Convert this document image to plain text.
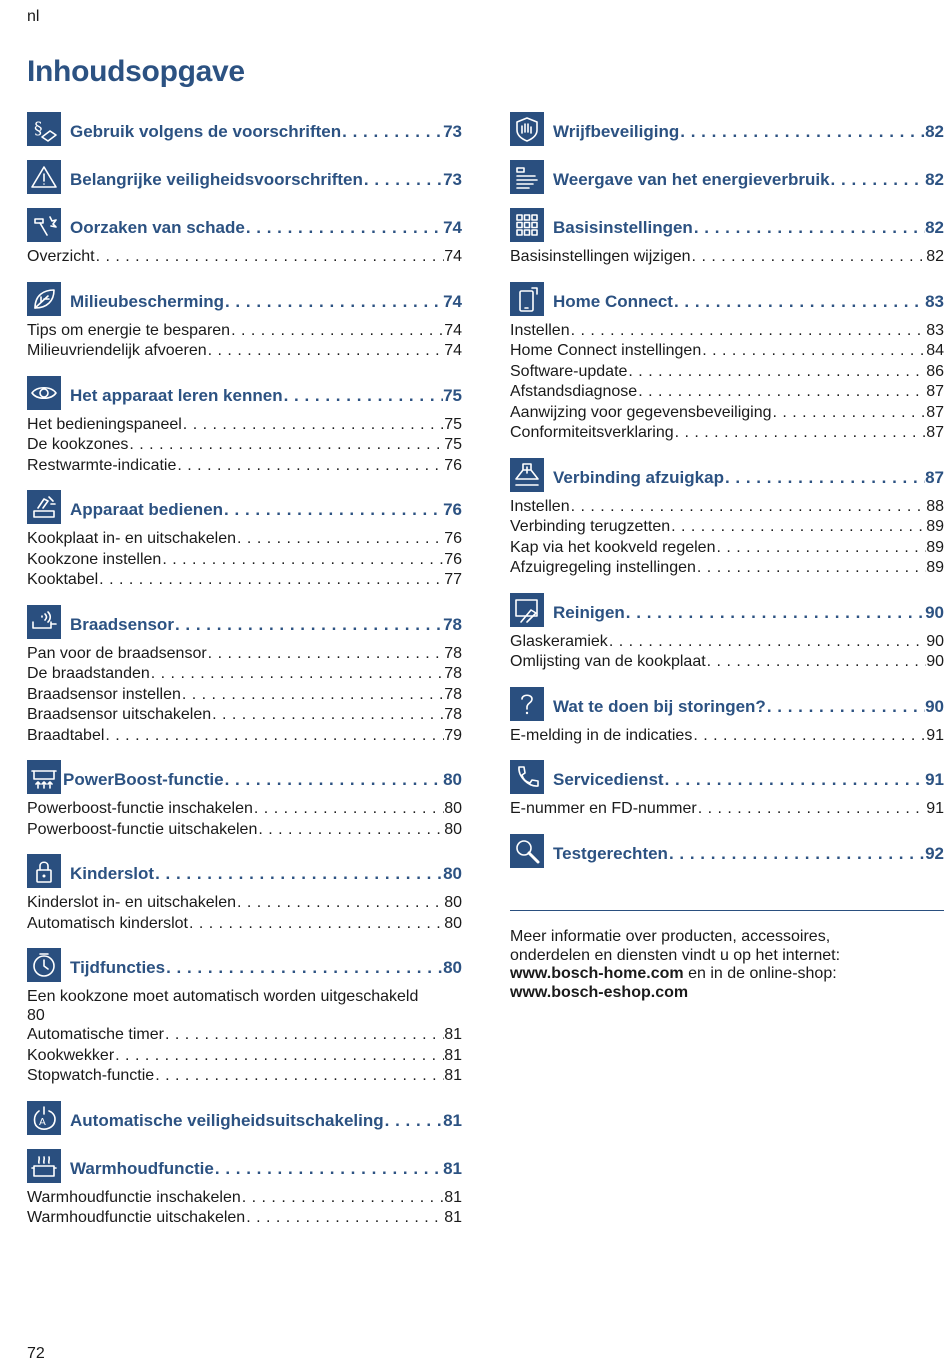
nl
Inhoudsopgave
§ Gebruik volgens de voorschriften . . .	73
Belangrijke veiligheidsvoorschriften . . .	73
Oorzaken van schade . . .	74
Overzicht . . .	74
Milieubescherming . . .	74
Tips om energie te besparen . . .	74
Milieuvriendelijk afvoeren . . .	74
Het apparaat leren kennen . . .	75
Het bedieningspaneel . . .	75
De kookzones . . .	75
Restwarmte-indicatie . . .	76
Apparaat bedienen . . .	76
Kookplaat in- en uitschakelen . . .	76
Kookzone instellen . . .	76
Kooktabel . . .	77
Braadsensor . . .	78
Pan voor de braadsensor . . .	78
De braadstanden . . .	78
Braadsensor instellen . . .	78
Braadsensor uitschakelen . . .	78
Braadtabel . . .	79
PowerBoost-functie . . .	80
Powerboost-functie inschakelen . . .	80
Powerboost-functie uitschakelen . . .	80
Kinderslot . . .	80
Kinderslot in- en uitschakelen . . .	80
Automatisch kinderslot . . .	80
Tijdfuncties . . .	80
Een kookzone moet automatisch worden uitgeschakeld
80
Automatische timer . . .	81
Kookwekker . . .	81
Stopwatch-functie . . .	81
A Automatische veiligheidsuitschakeling . . .	81
Warmhoudfunctie . . .	81
Warmhoudfunctie inschakelen . . .	81
Warmhoudfunctie uitschakelen . . .	81
Wrijfbeveiliging . . .	82
Weergave van het energieverbruik . . .	82
Basisinstellingen . . .	82
Basisinstellingen wijzigen . . .	82
Home Connect . . .	83
Instellen . . .	83
Home Connect instellingen . . .	84
Software-update . . .	86
Afstandsdiagnose . . .	87
Aanwijzing voor gegevensbeveiliging . . .	87
Conformiteitsverklaring . . .	87
Verbinding afzuigkap . . .	87
Instellen . . .	88
Verbinding terugzetten . . .	89
Kap via het kookveld regelen . . .	89
Afzuigregeling instellingen . . .	89
Reinigen . . .	90
Glaskeramiek . . .	90
Omlijsting van de kookplaat . . .	90
Wat te doen bij storingen? . . .	90
E-melding in de indicaties . . .	91
Servicedienst . . .	91
E-nummer en FD-nummer . . .	91
Testgerechten . . .	92
Meer informatie over producten, accessoires,
onderdelen en diensten vindt u op het internet:
www.bosch-home.com en in de online-shop:
www.bosch-eshop.com
72
